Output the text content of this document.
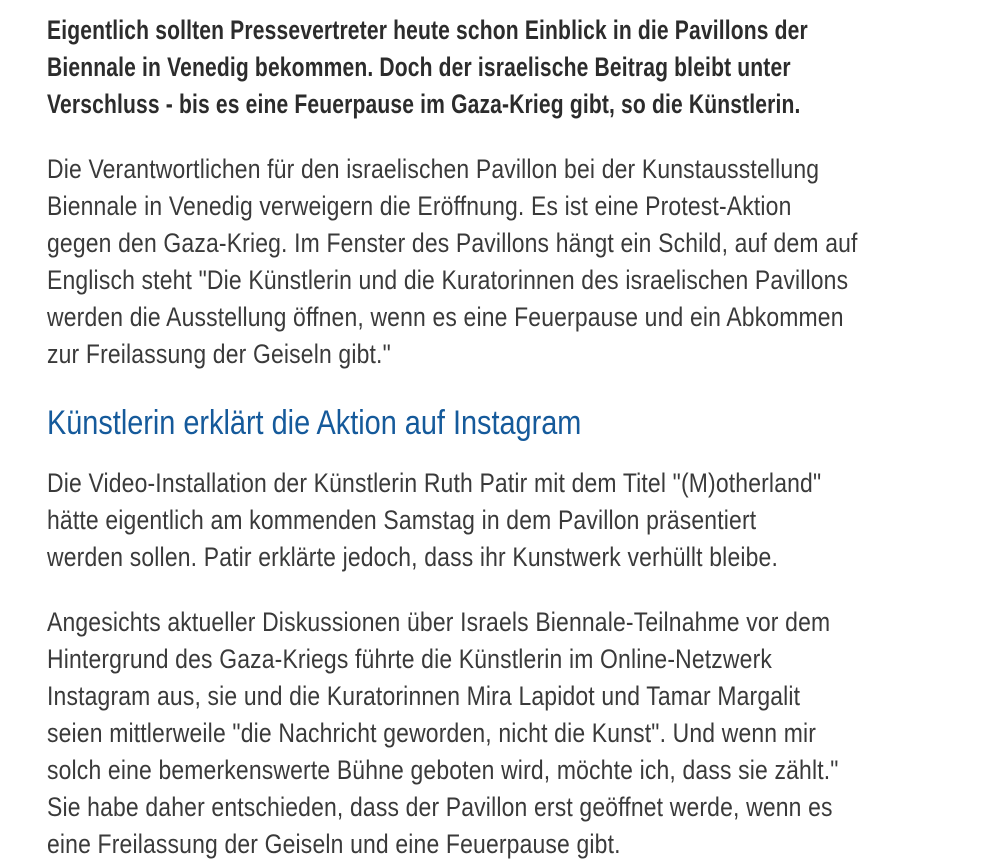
Eigentlich sollten Pressevertreter heute schon Einblick in die Pavillons der
Biennale in Venedig bekommen. Doch der israelische Beitrag bleibt unter
Verschluss - bis es eine Feuerpause im Gaza-Krieg gibt, so die Künstlerin.
Die Verantwortlichen für den israelischen Pavillon bei der Kunstausstellung
Biennale in Venedig verweigern die Eröffnung. Es ist eine Protest-Aktion
gegen den Gaza-Krieg. Im Fenster des Pavillons hängt ein Schild, auf dem auf
Englisch steht "Die Künstlerin und die Kuratorinnen des israelischen Pavillons
werden die Ausstellung öffnen, wenn es eine Feuerpause und ein Abkommen
zur Freilassung der Geiseln gibt."
Künstlerin erklärt die Aktion auf Instagram
Die Video-Installation der Künstlerin Ruth Patir mit dem Titel "(M)otherland"
hätte eigentlich am kommenden Samstag in dem Pavillon präsentiert
werden sollen. Patir erklärte jedoch, dass ihr Kunstwerk verhüllt bleibe.
Angesichts aktueller Diskussionen über Israels Biennale-Teilnahme vor dem
Hintergrund des Gaza-Kriegs führte die Künstlerin im Online-Netzwerk
Instagram aus, sie und die Kuratorinnen Mira Lapidot und Tamar Margalit
seien mittlerweile "die Nachricht geworden, nicht die Kunst". Und wenn mir
solch eine bemerkenswerte Bühne geboten wird, möchte ich, dass sie zählt."
Sie habe daher entschieden, dass der Pavillon erst geöffnet werde, wenn es
eine Freilassung der Geiseln und eine Feuerpause gibt.
